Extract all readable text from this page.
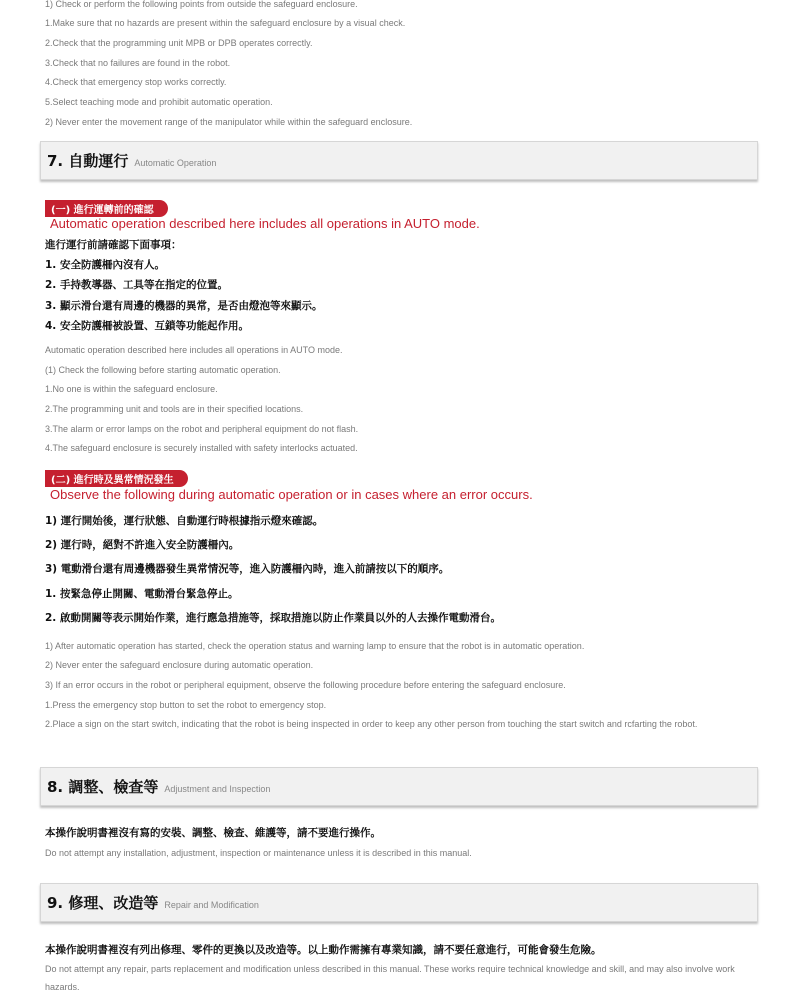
1) Check or perform the following points from outside the safeguard enclosure.
1.Make sure that no hazards are present within the safeguard enclosure by a visual check.
2.Check that the programming unit MPB or DPB operates correctly.
3.Check that no failures are found in the robot.
4.Check that emergency stop works correctly.
5.Select teaching mode and prohibit automatic operation.
2) Never enter the movement range of the manipulator while within the safeguard enclosure.
7. 自動運行 Automatic Operation
(一) 進行運轉前的確認
Automatic operation described here includes all operations in AUTO mode.
進行運行前請確認下面事項：
1. 安全防護柵內沒有人。
2. 手持教導器、工具等在指定的位置。
3. 顯示滑台還有周邊的機器的異常，是否由燈泡等來顯示。
4. 安全防護柵被設置、互鎖等功能起作用。
Automatic operation described here includes all operations in AUTO mode.
(1) Check the following before starting automatic operation.
1.No one is within the safeguard enclosure.
2.The programming unit and tools are in their specified locations.
3.The alarm or error lamps on the robot and peripheral equipment do not flash.
4.The safeguard enclosure is securely installed with safety interlocks actuated.
(二) 進行時及異常情況發生
Observe the following during automatic operation or in cases where an error occurs.
1) 運行開始後，運行狀態、自動運行時根據指示燈來確認。
2) 運行時，絕對不許進入安全防護柵內。
3) 電動滑台還有周邊機器發生異常情況等，進入防護柵內時，進入前請按以下的順序。
1. 按緊急停止開關、電動滑台緊急停止。
2. 啟動開關等表示開始作業，進行應急措施等，採取措施以防止作業員以外的人去操作電動滑台。
1) After automatic operation has started, check the operation status and warning lamp to ensure that the robot is in automatic operation.
2) Never enter the safeguard enclosure during automatic operation.
3) If an error occurs in the robot or peripheral equipment, observe the following procedure before entering the safeguard enclosure.
1.Press the emergency stop button to set the robot to emergency stop.
2.Place a sign on the start switch, indicating that the robot is being inspected in order to keep any other person from touching the start switch and rcfarting the robot.
8. 調整、檢查等 Adjustment and Inspection
本操作說明書裡沒有寫的安裝、調整、檢查、維護等，請不要進行操作。
Do not attempt any installation, adjustment, inspection or maintenance unless it is described in this manual.
9. 修理、改造等 Repair and Modification
本操作說明書裡沒有列出修理、零件的更換以及改造等。以上動作需擁有專業知識，請不要任意進行，可能會發生危險。
Do not attempt any repair, parts replacement and modification unless described in this manual. These works require technical knowledge and skill, and may also involve work hazards.
